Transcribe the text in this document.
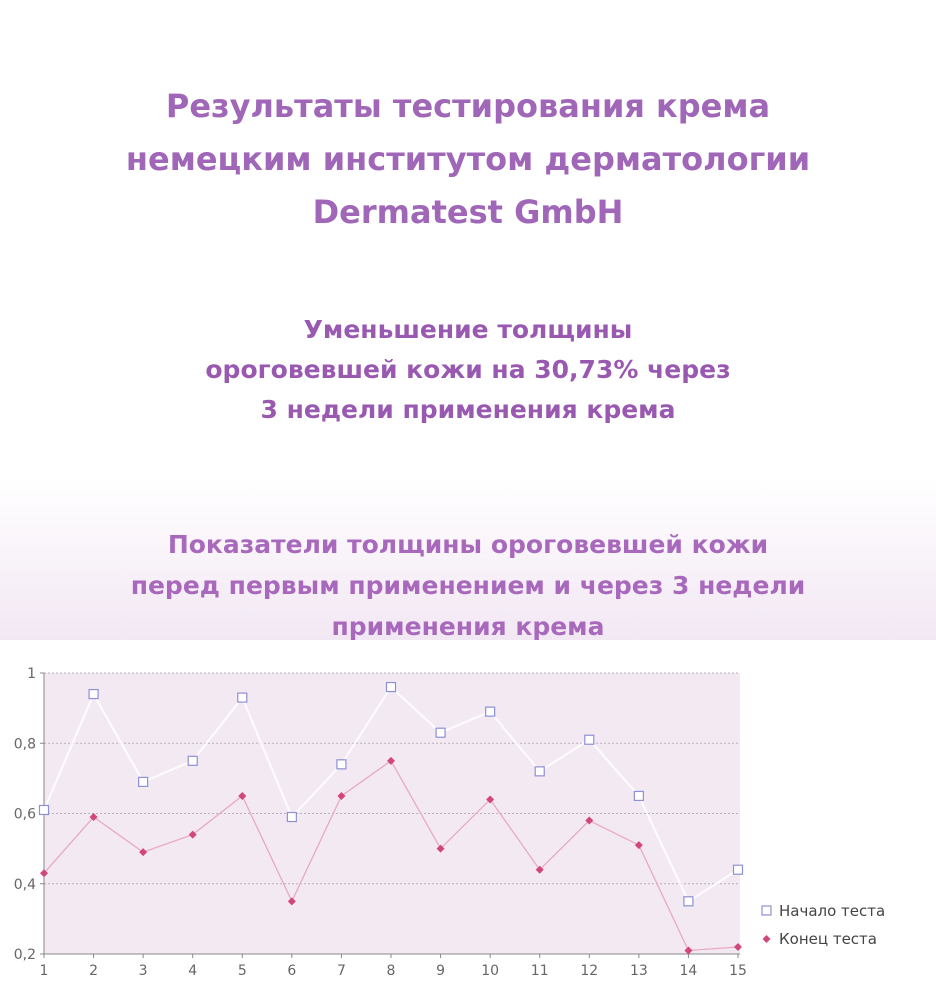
Результаты тестирования крема
немецким институтом дерматологии
Dermatest GmbH
Уменьшение толщины
ороговевшей кожи на 30,73% через
3 недели применения крема
Показатели толщины ороговевшей кожи
перед первым применением и через 3 недели
применения крема
0,2
0,4
0,6
0,8
1
1	2	3	4	5	6	7	8	9	10 11 12 13 14 15
Начало теста
Конец теста
